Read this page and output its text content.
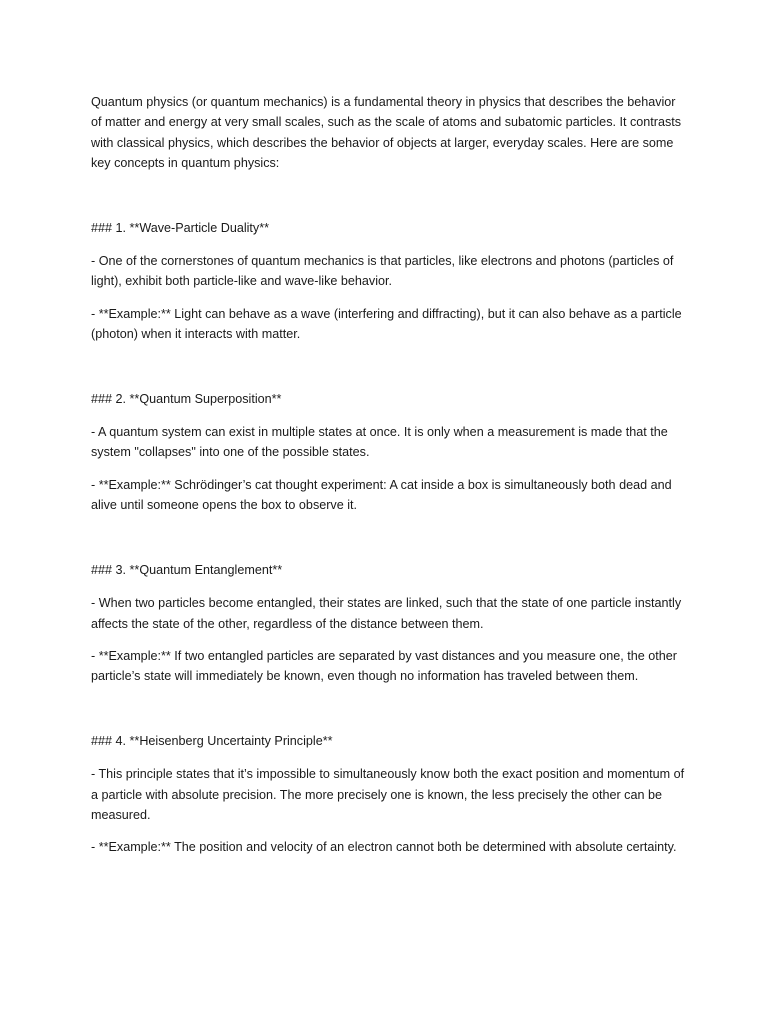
Quantum physics (or quantum mechanics) is a fundamental theory in physics that describes the behavior of matter and energy at very small scales, such as the scale of atoms and subatomic particles. It contrasts with classical physics, which describes the behavior of objects at larger, everyday scales. Here are some key concepts in quantum physics:

### 1. **Wave-Particle Duality**

- One of the cornerstones of quantum mechanics is that particles, like electrons and photons (particles of light), exhibit both particle-like and wave-like behavior.

- **Example:** Light can behave as a wave (interfering and diffracting), but it can also behave as a particle (photon) when it interacts with matter.

### 2. **Quantum Superposition**

- A quantum system can exist in multiple states at once. It is only when a measurement is made that the system "collapses" into one of the possible states.

- **Example:** Schrödinger’s cat thought experiment: A cat inside a box is simultaneously both dead and alive until someone opens the box to observe it.

### 3. **Quantum Entanglement**

- When two particles become entangled, their states are linked, such that the state of one particle instantly affects the state of the other, regardless of the distance between them.

- **Example:** If two entangled particles are separated by vast distances and you measure one, the other particle’s state will immediately be known, even though no information has traveled between them.

### 4. **Heisenberg Uncertainty Principle**

- This principle states that it’s impossible to simultaneously know both the exact position and momentum of a particle with absolute precision. The more precisely one is known, the less precisely the other can be measured.

- **Example:** The position and velocity of an electron cannot both be determined with absolute certainty.
